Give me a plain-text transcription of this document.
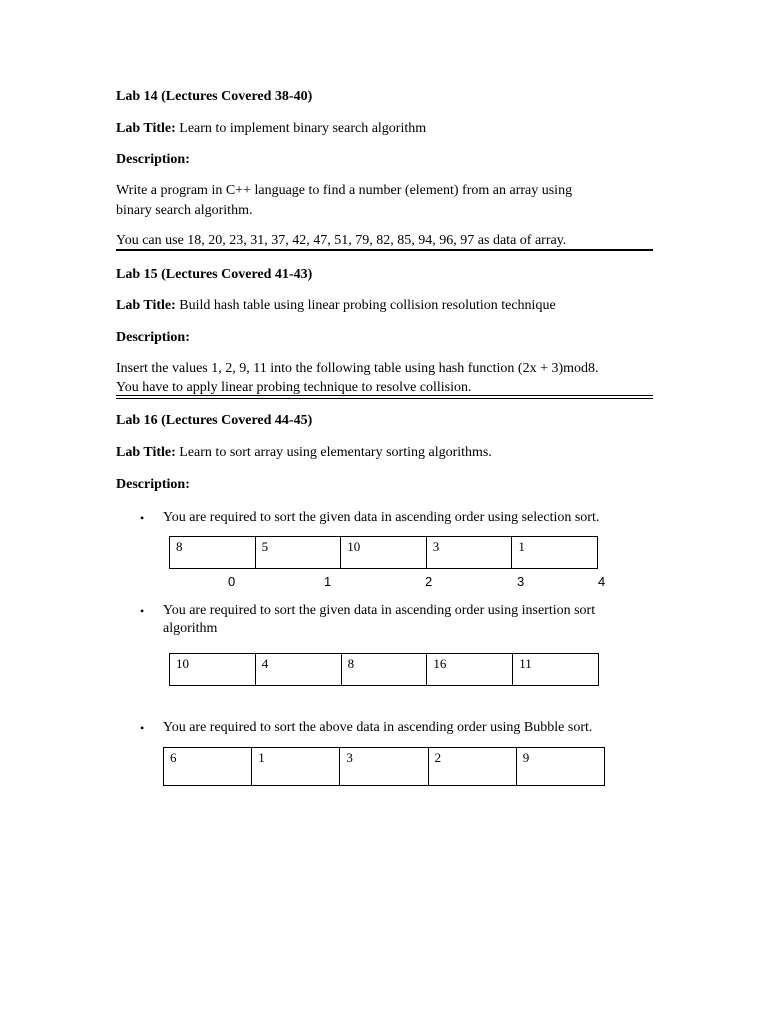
Lab 14 (Lectures Covered 38-40)
Lab Title: Learn to implement binary search algorithm
Description:
Write a program in C++ language to find a number (element) from an array using
binary search algorithm.
You can use 18, 20, 23, 31, 37, 42, 47, 51, 79, 82, 85, 94, 96, 97 as data of array.
Lab 15 (Lectures Covered 41-43)
Lab Title: Build hash table using linear probing collision resolution technique
Description:
Insert the values 1, 2, 9, 11 into the following table using hash function (2x + 3)mod8.
You have to apply linear probing technique to resolve collision.
Lab 16 (Lectures Covered 44-45)
Lab Title: Learn to sort array using elementary sorting algorithms.
Description:
• You are required to sort the given data in ascending order using selection sort.
8	5	10	3	1
0	1	2	3	4
• You are required to sort the given data in ascending order using insertion sort
algorithm
10	4	8	16	11
• You are required to sort the above data in ascending order using Bubble sort.
6	1	3	2	9
